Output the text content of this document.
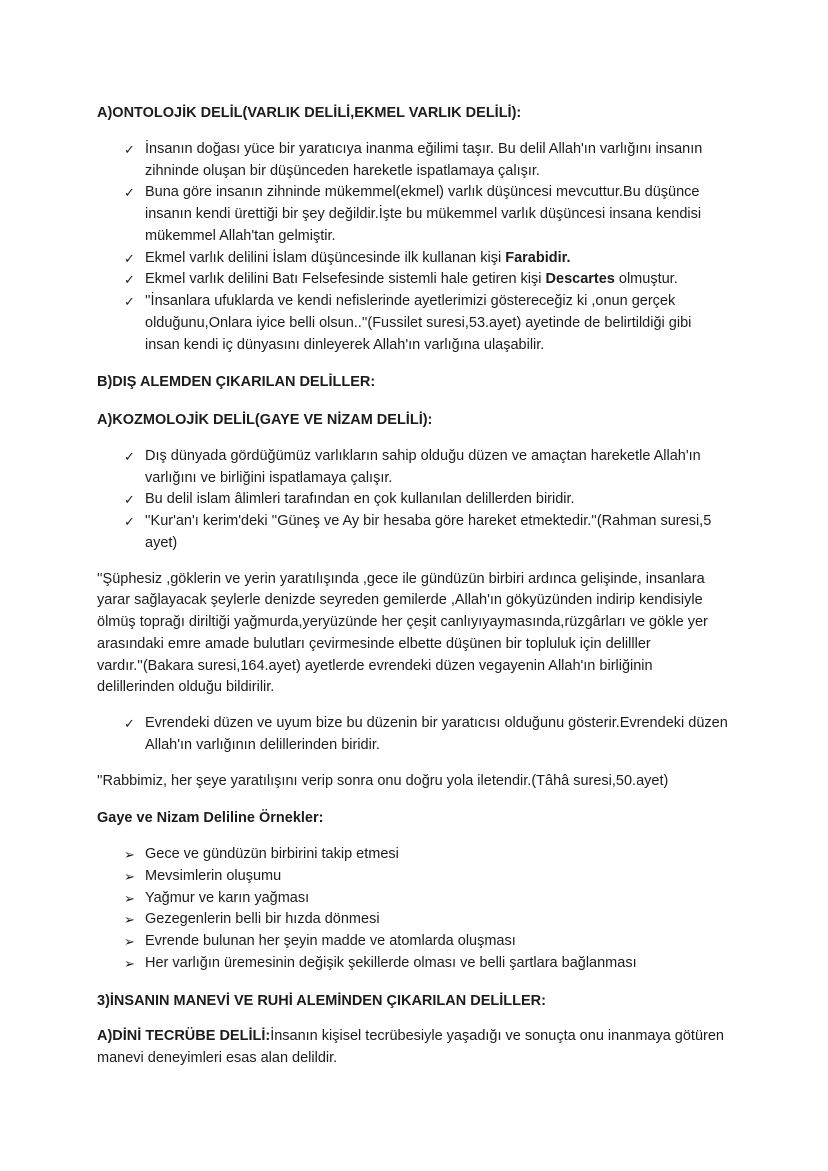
A)ONTOLOJİK DELİL(VARLIK DELİLİ,EKMEL VARLIK DELİLİ):
✓ İnsanın doğası yüce bir yaratıcıya inanma eğilimi taşır. Bu delil Allah'ın varlığını insanın zihninde oluşan bir düşünceden hareketle ispatlamaya çalışır.
✓ Buna göre insanın zihninde mükemmel(ekmel) varlık düşüncesi mevcuttur.Bu düşünce insanın kendi ürettiği bir şey değildir.İşte bu mükemmel varlık düşüncesi insana kendisi mükemmel Allah'tan gelmiştir.
✓ Ekmel varlık delilini İslam düşüncesinde ilk kullanan kişi Farabidir.
✓ Ekmel varlık delilini Batı Felsefesinde sistemli hale getiren kişi Descartes olmuştur.
✓ ''İnsanlara ufuklarda ve kendi nefislerinde ayetlerimizi göstereceğiz ki ,onun gerçek olduğunu,Onlara iyice belli olsun..''(Fussilet suresi,53.ayet) ayetinde de belirtildiği gibi insan kendi iç dünyasını dinleyerek Allah'ın varlığına ulaşabilir.
B)DIŞ ALEMDEN ÇIKARILAN DELİLLER:
A)KOZMOLOJİK DELİL(GAYE VE NİZAM DELİLİ):
✓ Dış dünyada gördüğümüz varlıkların sahip olduğu düzen ve amaçtan hareketle Allah'ın varlığını ve birliğini ispatlamaya çalışır.
✓ Bu delil islam âlimleri tarafından en çok kullanılan delillerden biridir.
✓ ''Kur'an'ı kerim'deki ''Güneş ve Ay bir hesaba göre hareket etmektedir.''(Rahman suresi,5 ayet)
''Şüphesiz ,göklerin ve yerin yaratılışında ,gece ile gündüzün birbiri ardınca gelişinde, insanlara yarar sağlayacak şeylerle denizde seyreden gemilerde ,Allah'ın gökyüzünden indirip kendisiyle ölmüş toprağı diriltiği yağmurda,yeryüzünde her çeşit canlıyıyaymasında,rüzgârları ve gökle yer arasındaki emre amade bulutları çevirmesinde elbette düşünen bir topluluk için delilller vardır.''(Bakara suresi,164.ayet) ayetlerde evrendeki düzen vegayenin Allah'ın birliğinin delillerinden olduğu bildirilir.
✓ Evrendeki düzen ve uyum bize bu düzenin bir yaratıcısı olduğunu gösterir.Evrendeki düzen Allah'ın varlığının delillerinden biridir.
''Rabbimiz, her şeye yaratılışını verip sonra onu doğru yola iletendir.(Tâhâ suresi,50.ayet)
Gaye ve Nizam Deliline Örnekler:
➢ Gece ve gündüzün birbirini takip etmesi
➢ Mevsimlerin oluşumu
➢ Yağmur ve karın yağması
➢ Gezegenlerin belli bir hızda dönmesi
➢ Evrende bulunan her şeyin madde ve atomlarda oluşması
➢ Her varlığın üremesinin değişik şekillerde olması ve belli şartlara bağlanması
3)İNSANIN MANEVİ VE RUHİ ALEMİNDEN ÇIKARILAN DELİLLER:
A)DİNİ TECRÜBE DELİLİ:İnsanın kişisel tecrübesiyle yaşadığı ve sonuçta onu inanmaya götüren manevi deneyimleri esas alan delildir.
